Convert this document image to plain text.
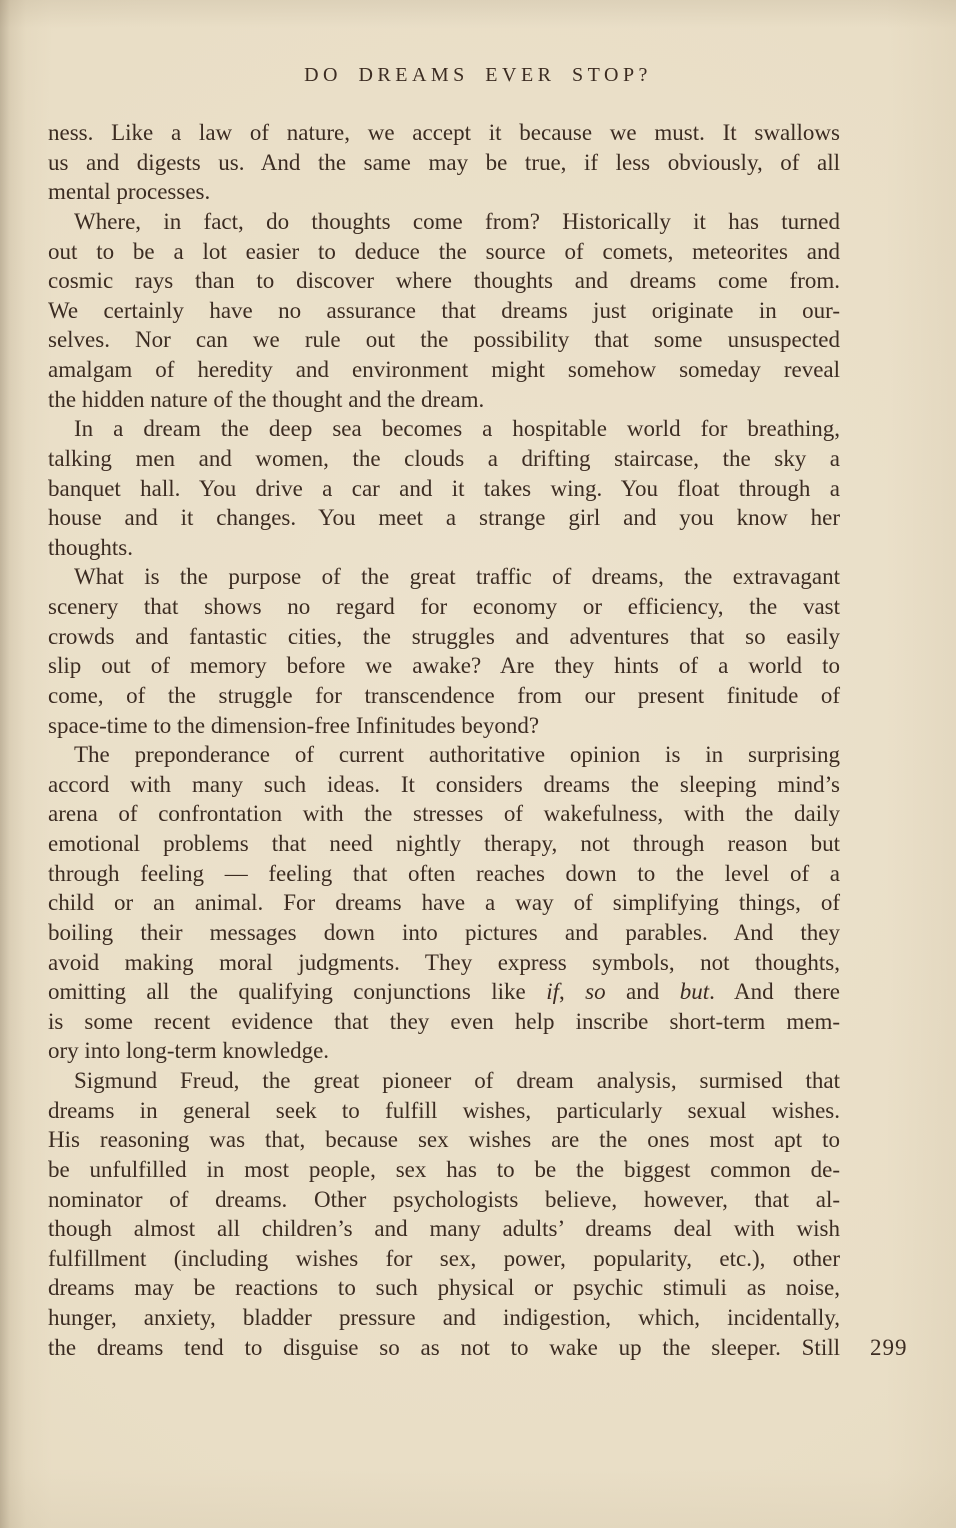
DO DREAMS EVER STOP?
ness. Like a law of nature, we accept it because we must. It swallows
us and digests us. And the same may be true, if less obviously, of all
mental processes.
Where, in fact, do thoughts come from? Historically it has turned
out to be a lot easier to deduce the source of comets, meteorites and
cosmic rays than to discover where thoughts and dreams come from.
We certainly have no assurance that dreams just originate in our-
selves. Nor can we rule out the possibility that some unsuspected
amalgam of heredity and environment might somehow someday reveal
the hidden nature of the thought and the dream.
In a dream the deep sea becomes a hospitable world for breathing,
talking men and women, the clouds a drifting staircase, the sky a
banquet hall. You drive a car and it takes wing. You float through a
house and it changes. You meet a strange girl and you know her
thoughts.
What is the purpose of the great traffic of dreams, the extravagant
scenery that shows no regard for economy or efficiency, the vast
crowds and fantastic cities, the struggles and adventures that so easily
slip out of memory before we awake? Are they hints of a world to
come, of the struggle for transcendence from our present finitude of
space-time to the dimension-free Infinitudes beyond?
The preponderance of current authoritative opinion is in surprising
accord with many such ideas. It considers dreams the sleeping mind’s
arena of confrontation with the stresses of wakefulness, with the daily
emotional problems that need nightly therapy, not through reason but
through feeling — feeling that often reaches down to the level of a
child or an animal. For dreams have a way of simplifying things, of
boiling their messages down into pictures and parables. And they
avoid making moral judgments. They express symbols, not thoughts,
omitting all the qualifying conjunctions like if, so and but. And there
is some recent evidence that they even help inscribe short-term mem-
ory into long-term knowledge.
Sigmund Freud, the great pioneer of dream analysis, surmised that
dreams in general seek to fulfill wishes, particularly sexual wishes.
His reasoning was that, because sex wishes are the ones most apt to
be unfulfilled in most people, sex has to be the biggest common de-
nominator of dreams. Other psychologists believe, however, that al-
though almost all children’s and many adults’ dreams deal with wish
fulfillment (including wishes for sex, power, popularity, etc.), other
dreams may be reactions to such physical or psychic stimuli as noise,
hunger, anxiety, bladder pressure and indigestion, which, incidentally,
the dreams tend to disguise so as not to wake up the sleeper. Still 299
